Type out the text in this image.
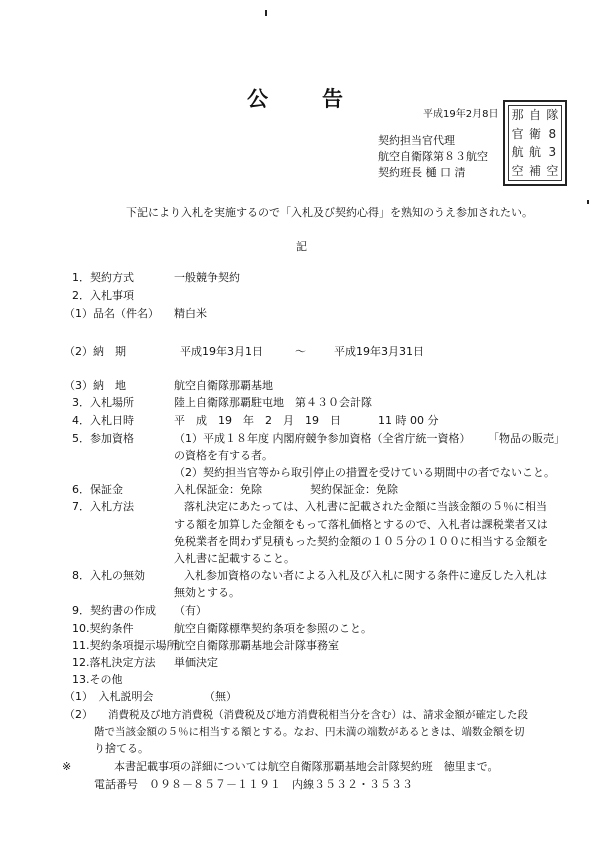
公　　告
平成19年2月8日
契約担当官代理
航空自衛隊第８３航空
契約班長 樋 口 清
那 自 隊
官 衛 8
航 航 3
空 補 空
下記により入札を実施するので「入札及び契約心得」を熟知のうえ参加されたい。
記
1．契約方式	一般競争契約
2．入札事項
（1）品名（件名） 精白米
（2）納　期	平成19年3月1日	～	平成19年3月31日
（3）納　地	航空自衛隊那覇基地
3．入札場所	陸上自衛隊那覇駐屯地　第４３０会計隊
4．入札日時	平　成　19　年　2　月　19　日	11 時 00 分
5．参加資格	（1）平成１８年度 内閣府競争参加資格（全省庁統一資格） 「物品の販売」
の資格を有する者。
（2）契約担当官等から取引停止の措置を受けている期間中の者でないこと。
6．保証金	入札保証金：免除	契約保証金：免除
7．入札方法	落札決定にあたっては、入札書に記載された金額に当該金額の５％に相当
する額を加算した金額をもって落札価格とするので、入札者は課税業者又は
免税業者を問わず見積もった契約金額の１０５分の１００に相当する金額を
入札書に記載すること。
8．入札の無効	入札参加資格のない者による入札及び入札に関する条件に違反した入札は
無効とする。
9．契約書の作成 （有）
10.契約条件	航空自衛隊標準契約条項を参照のこと。
11.契約条項提示場所
航空自衛隊那覇基地会計隊事務室
12.落札決定方法 単価決定
13.その他
（1）　入札説明会	（無）
（2） 消費税及び地方消費税（消費税及び地方消費税相当分を含む）は、請求金額が確定した段
階で当該金額の５％に相当する額とする。なお、円未満の端数があるときは、端数金額を切
り捨てる。
※	本書記載事項の詳細については航空自衛隊那覇基地会計隊契約班　徳里まで。
電話番号　０９８－８５７－１１９１　内線３５３２・３５３３
